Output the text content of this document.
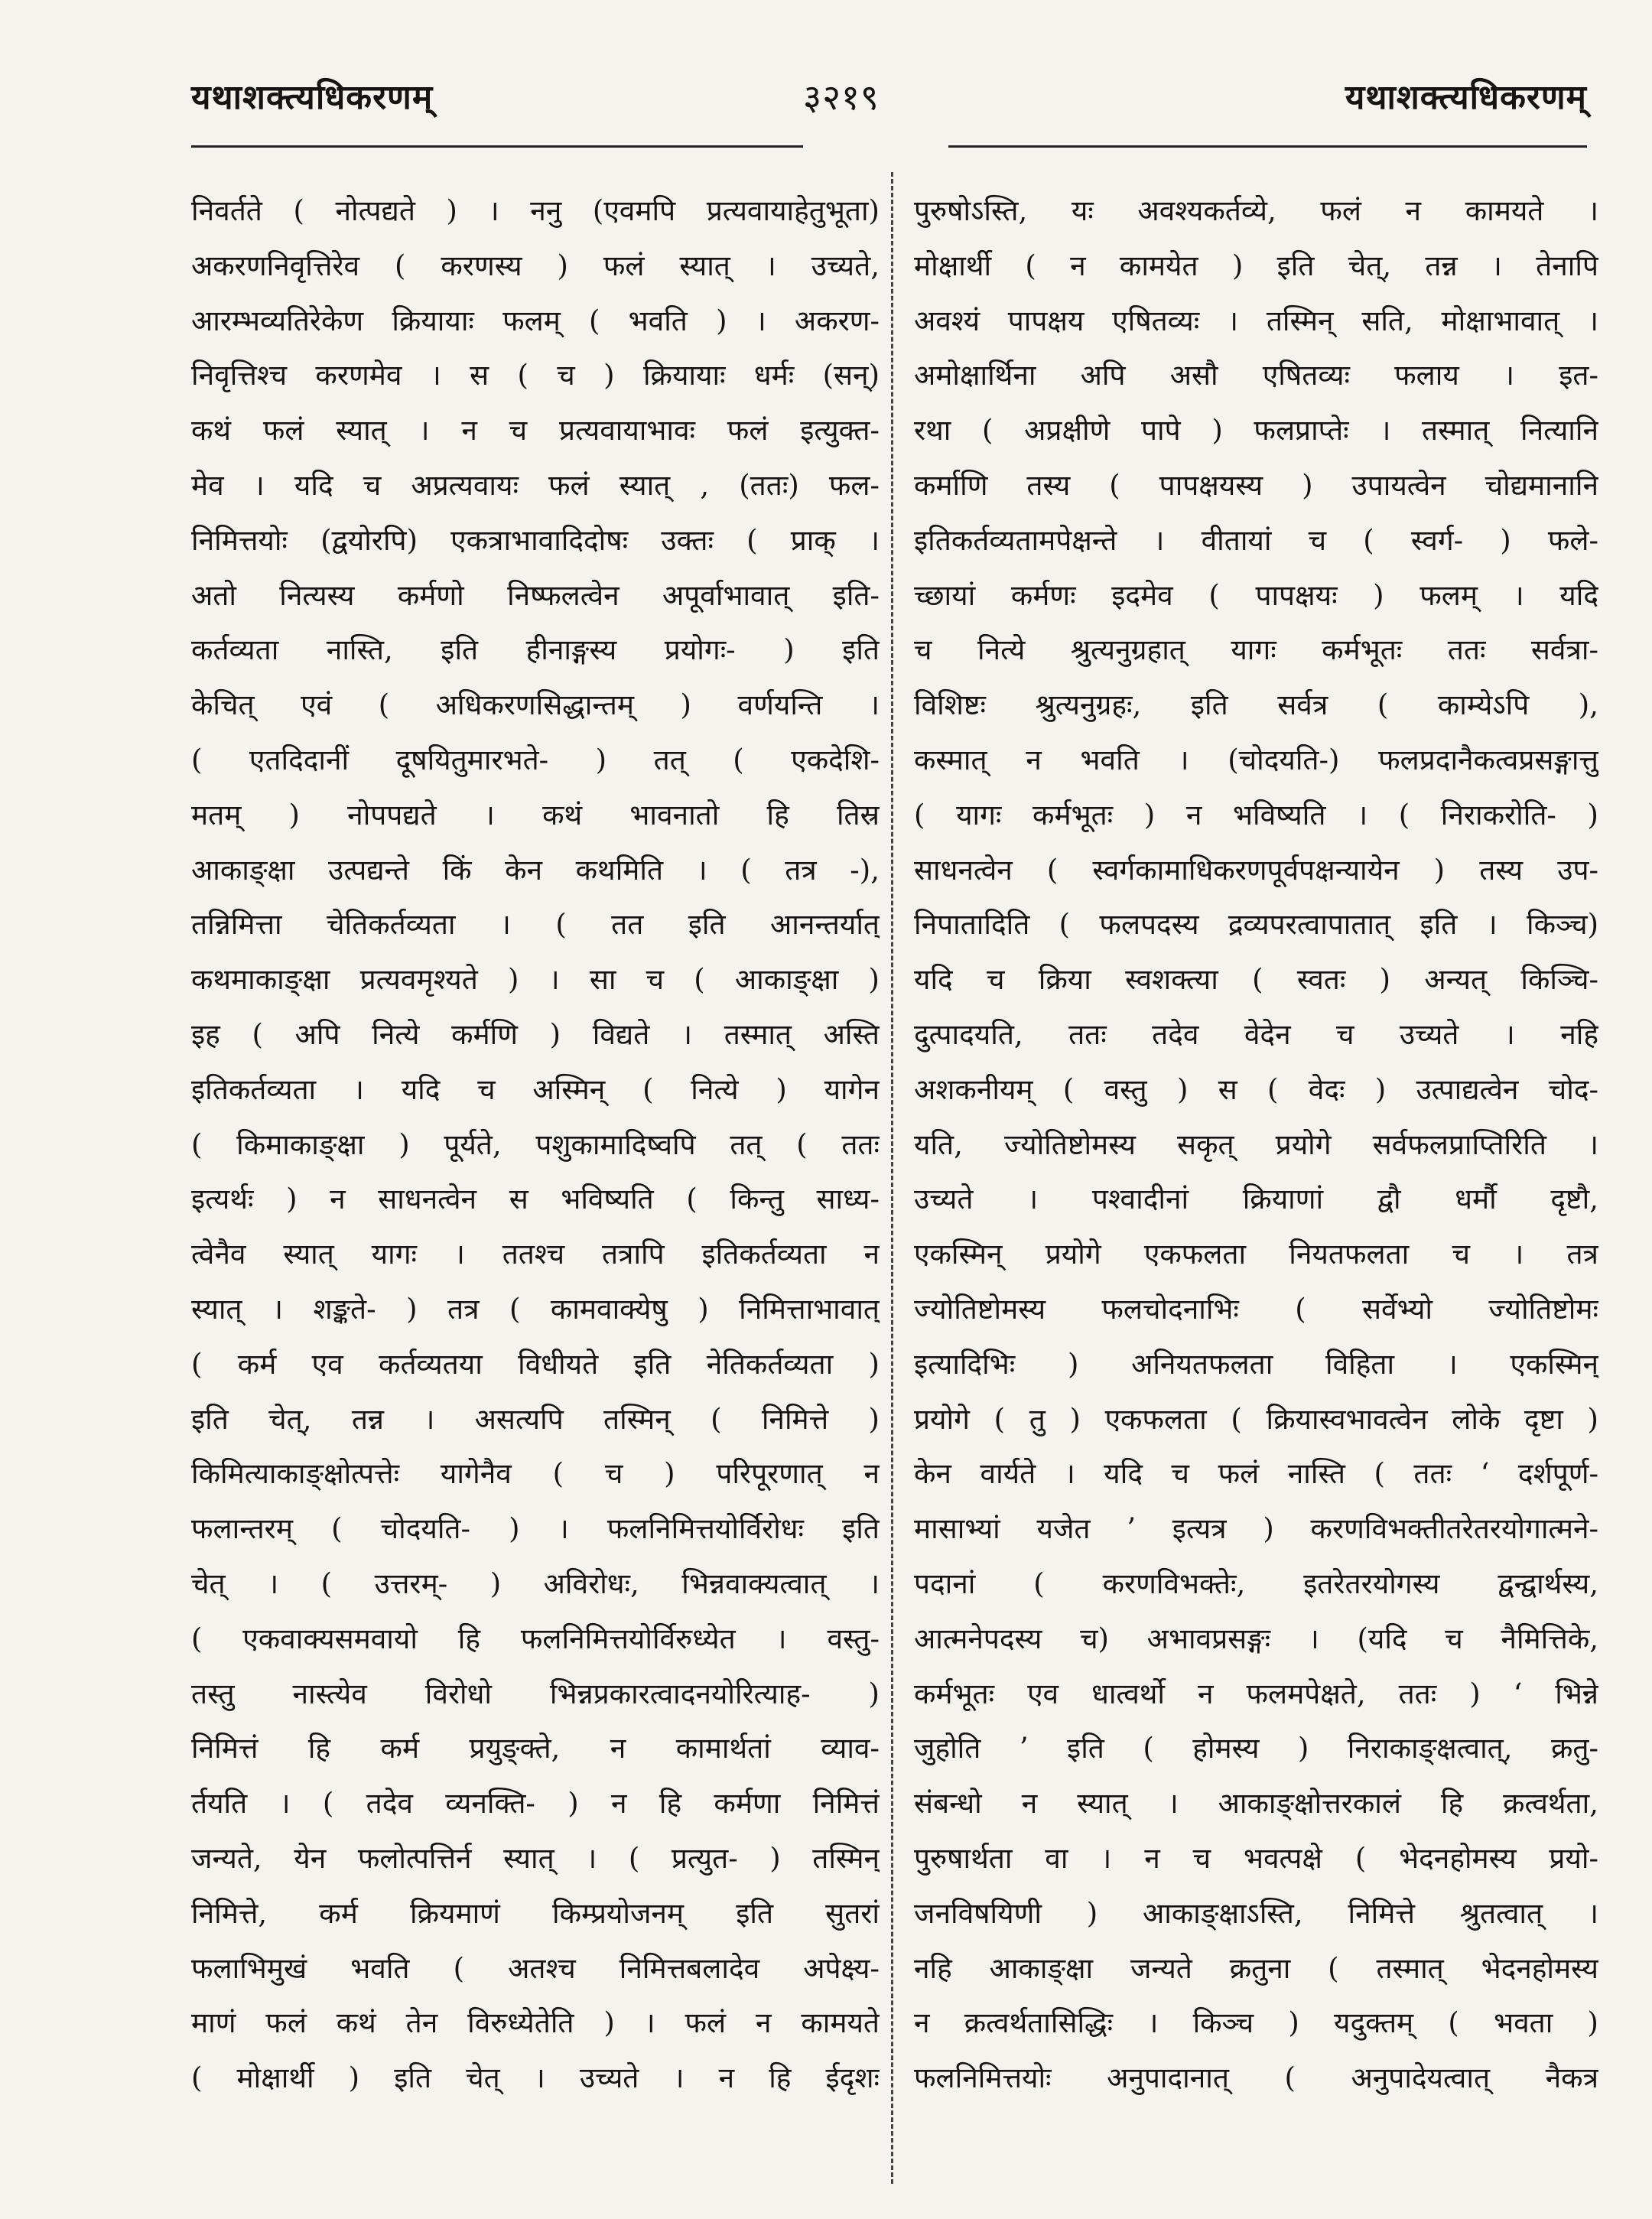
यथाशक्त्यधिकरणम्	३२१९	यथाशक्त्यधिकरणम्
निवर्तते ( नोत्पद्यते ) । ननु (एवमपि प्रत्यवायाहेतुभूता)
अकरणनिवृत्तिरेव ( करणस्य ) फलं स्यात् । उच्यते,
आरम्भव्यतिरेकेण क्रियायाः फलम् ( भवति ) । अकरण-
निवृत्तिश्च करणमेव । स ( च ) क्रियायाः धर्मः (सन्)
कथं फलं स्यात् । न च प्रत्यवायाभावः फलं इत्युक्त-
मेव । यदि च अप्रत्यवायः फलं स्यात् , (ततः) फल-
निमित्तयोः (द्वयोरपि) एकत्राभावादिदोषः उक्तः ( प्राक् ।
अतो नित्यस्य कर्मणो निष्फलत्वेन अपूर्वाभावात् इति-
कर्तव्यता नास्ति, इति हीनाङ्गस्य प्रयोगः- ) इति
केचित् एवं ( अधिकरणसिद्धान्तम् ) वर्णयन्ति ।
( एतदिदानीं दूषयितुमारभते- ) तत् ( एकदेशि-
मतम् ) नोपपद्यते । कथं भावनातो हि तिस्र
आकाङ्क्षा उत्पद्यन्ते किं केन कथमिति । ( तत्र -),
तन्निमित्ता चेतिकर्तव्यता । ( तत इति आनन्तर्यात्
कथमाकाङ्क्षा प्रत्यवमृश्यते ) । सा च ( आकाङ्क्षा )
इह ( अपि नित्ये कर्मणि ) विद्यते । तस्मात् अस्ति
इतिकर्तव्यता । यदि च अस्मिन् ( नित्ये ) यागेन
( किमाकाङ्क्षा ) पूर्यते, पशुकामादिष्वपि तत् ( ततः
इत्यर्थः ) न साधनत्वेन स भविष्यति ( किन्तु साध्य-
त्वेनैव स्यात् यागः । ततश्च तत्रापि इतिकर्तव्यता न
स्यात् । शङ्कते- ) तत्र ( कामवाक्येषु ) निमित्ताभावात्
( कर्म एव कर्तव्यतया विधीयते इति नेतिकर्तव्यता )
इति चेत्, तन्न । असत्यपि तस्मिन् ( निमित्ते )
किमित्याकाङ्क्षोत्पत्तेः यागेनैव ( च ) परिपूरणात् न
फलान्तरम् ( चोदयति- ) । फलनिमित्तयोर्विरोधः इति
चेत् । ( उत्तरम्- ) अविरोधः, भिन्नवाक्यत्वात् ।
( एकवाक्यसमवायो हि फलनिमित्तयोर्विरुध्येत । वस्तु-
तस्तु नास्त्येव विरोधो भिन्नप्रकारत्वादनयोरित्याह- )
निमित्तं हि कर्म प्रयुङ्क्ते, न कामार्थतां व्याव-
र्तयति । ( तदेव व्यनक्ति- ) न हि कर्मणा निमित्तं
जन्यते, येन फलोत्पत्तिर्न स्यात् । ( प्रत्युत- ) तस्मिन्
निमित्ते, कर्म क्रियमाणं किम्प्रयोजनम् इति सुतरां
फलाभिमुखं भवति ( अतश्च निमित्तबलादेव अपेक्ष्य-
माणं फलं कथं तेन विरुध्येतेति ) । फलं न कामयते
( मोक्षार्थी ) इति चेत् । उच्यते । न हि ईदृशः
पुरुषोऽस्ति, यः अवश्यकर्तव्ये, फलं न कामयते ।
मोक्षार्थी ( न कामयेत ) इति चेत्, तन्न । तेनापि
अवश्यं पापक्षय एषितव्यः । तस्मिन् सति, मोक्षाभावात् ।
अमोक्षार्थिना अपि असौ एषितव्यः फलाय । इत-
रथा ( अप्रक्षीणे पापे ) फलप्राप्तेः । तस्मात् नित्यानि
कर्माणि तस्य ( पापक्षयस्य ) उपायत्वेन चोद्यमानानि
इतिकर्तव्यतामपेक्षन्ते । वीतायां च ( स्वर्ग- ) फले-
च्छायां कर्मणः इदमेव ( पापक्षयः ) फलम् । यदि
च नित्ये श्रुत्यनुग्रहात् यागः कर्मभूतः ततः सर्वत्रा-
विशिष्टः श्रुत्यनुग्रहः, इति सर्वत्र ( काम्येऽपि ),
कस्मात् न भवति । (चोदयति-) फलप्रदानैकत्वप्रसङ्गात्तु
( यागः कर्मभूतः ) न भविष्यति । ( निराकरोति- )
साधनत्वेन ( स्वर्गकामाधिकरणपूर्वपक्षन्यायेन ) तस्य उप-
निपातादिति ( फलपदस्य द्रव्यपरत्वापातात् इति । किञ्च)
यदि च क्रिया स्वशक्त्या ( स्वतः ) अन्यत् किञ्चि-
दुत्पादयति, ततः तदेव वेदेन च उच्यते । नहि
अशकनीयम् ( वस्तु ) स ( वेदः ) उत्पाद्यत्वेन चोद-
यति, ज्योतिष्टोमस्य सकृत् प्रयोगे सर्वफलप्राप्तिरिति ।
उच्यते । पश्वादीनां क्रियाणां द्वौ धर्मौ दृष्टौ,
एकस्मिन् प्रयोगे एकफलता नियतफलता च । तत्र
ज्योतिष्टोमस्य फलचोदनाभिः ( सर्वेभ्यो ज्योतिष्टोमः
इत्यादिभिः ) अनियतफलता विहिता । एकस्मिन्
प्रयोगे ( तु ) एकफलता ( क्रियास्वभावत्वेन लोके दृष्टा )
केन वार्यते । यदि च फलं नास्ति ( ततः ‘ दर्शपूर्ण-
मासाभ्यां यजेत ’ इत्यत्र ) करणविभक्तीतरेतरयोगात्मने-
पदानां ( करणविभक्तेः, इतरेतरयोगस्य द्वन्द्वार्थस्य,
आत्मनेपदस्य च) अभावप्रसङ्गः । (यदि च नैमित्तिके,
कर्मभूतः एव धात्वर्थो न फलमपेक्षते, ततः ) ‘ भिन्ने
जुहोति ’ इति ( होमस्य ) निराकाङ्क्षत्वात्, क्रतु-
संबन्धो न स्यात् । आकाङ्क्षोत्तरकालं हि क्रत्वर्थता,
पुरुषार्थता वा । न च भवत्पक्षे ( भेदनहोमस्य प्रयो-
जनविषयिणी ) आकाङ्क्षाऽस्ति, निमित्ते श्रुतत्वात् ।
नहि आकाङ्क्षा जन्यते क्रतुना ( तस्मात् भेदनहोमस्य
न क्रत्वर्थतासिद्धिः । किञ्च ) यदुक्तम् ( भवता )
फलनिमित्तयोः अनुपादानात् ( अनुपादेयत्वात् नैकत्र
